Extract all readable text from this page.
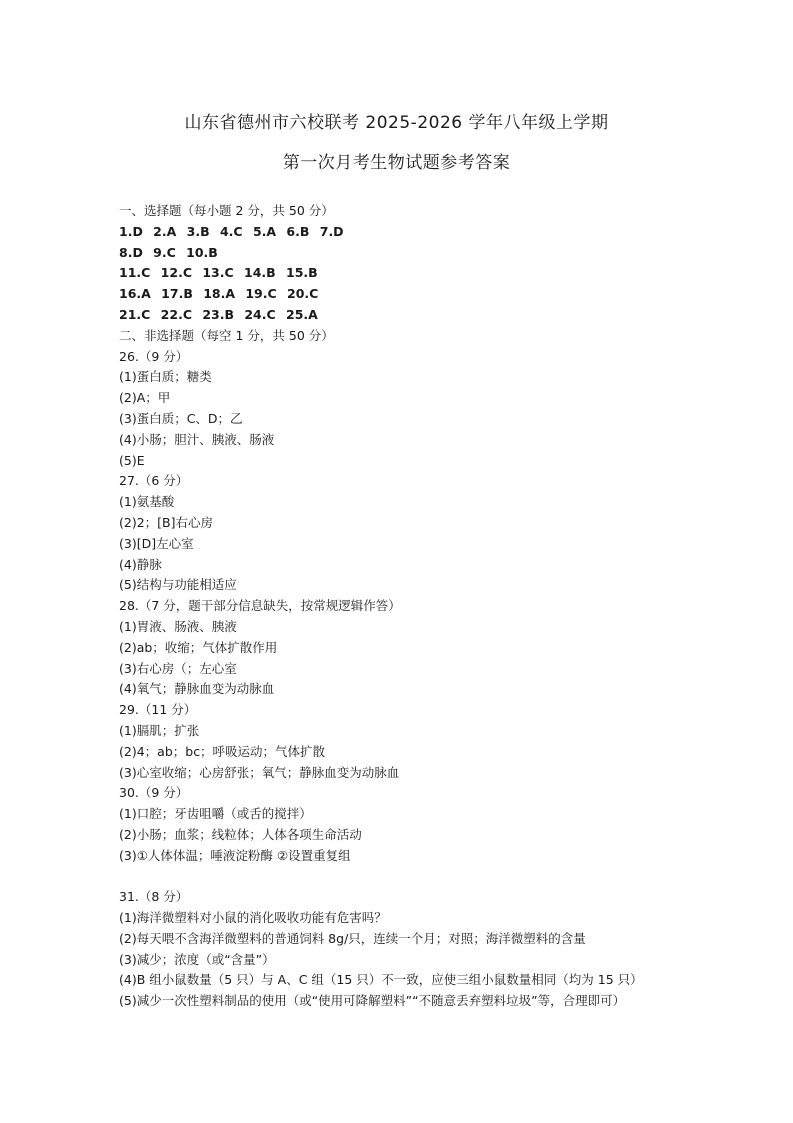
山东省德州市六校联考 2025-2026 学年八年级上学期
第一次月考生物试题参考答案
一、选择题（每小题 2 分，共 50 分）
1.D 2.A 3.B 4.C 5.A 6.B 7.D
8.D 9.C 10.B
11.C 12.C 13.C 14.B 15.B
16.A 17.B 18.A 19.C 20.C
21.C 22.C 23.B 24.C 25.A
二、非选择题（每空 1 分，共 50 分）
26.（9 分）
(1)蛋白质；糖类
(2)A；甲
(3)蛋白质；C、D；乙
(4)小肠；胆汁、胰液、肠液
(5)E
27.（6 分）
(1)氨基酸
(2)2；[B]右心房
(3)[D]左心室
(4)静脉
(5)结构与功能相适应
28.（7 分，题干部分信息缺失，按常规逻辑作答）
(1)胃液、肠液、胰液
(2)ab；收缩；气体扩散作用
(3)右心房（；左心室
(4)氧气；静脉血变为动脉血
29.（11 分）
(1)膈肌；扩张
(2)4；ab；bc；呼吸运动；气体扩散
(3)心室收缩；心房舒张；氧气；静脉血变为动脉血
30.（9 分）
(1)口腔；牙齿咀嚼（或舌的搅拌）
(2)小肠；血浆；线粒体；人体各项生命活动
(3)①人体体温；唾液淀粉酶 ②设置重复组
31.（8 分）
(1)海洋微塑料对小鼠的消化吸收功能有危害吗？
(2)每天喂不含海洋微塑料的普通饲料 8g/只，连续一个月；对照；海洋微塑料的含量
(3)减少；浓度（或“含量”）
(4)B 组小鼠数量（5 只）与 A、C 组（15 只）不一致，应使三组小鼠数量相同（均为 15 只）
(5)减少一次性塑料制品的使用（或“使用可降解塑料”“不随意丢弃塑料垃圾”等，合理即可）
